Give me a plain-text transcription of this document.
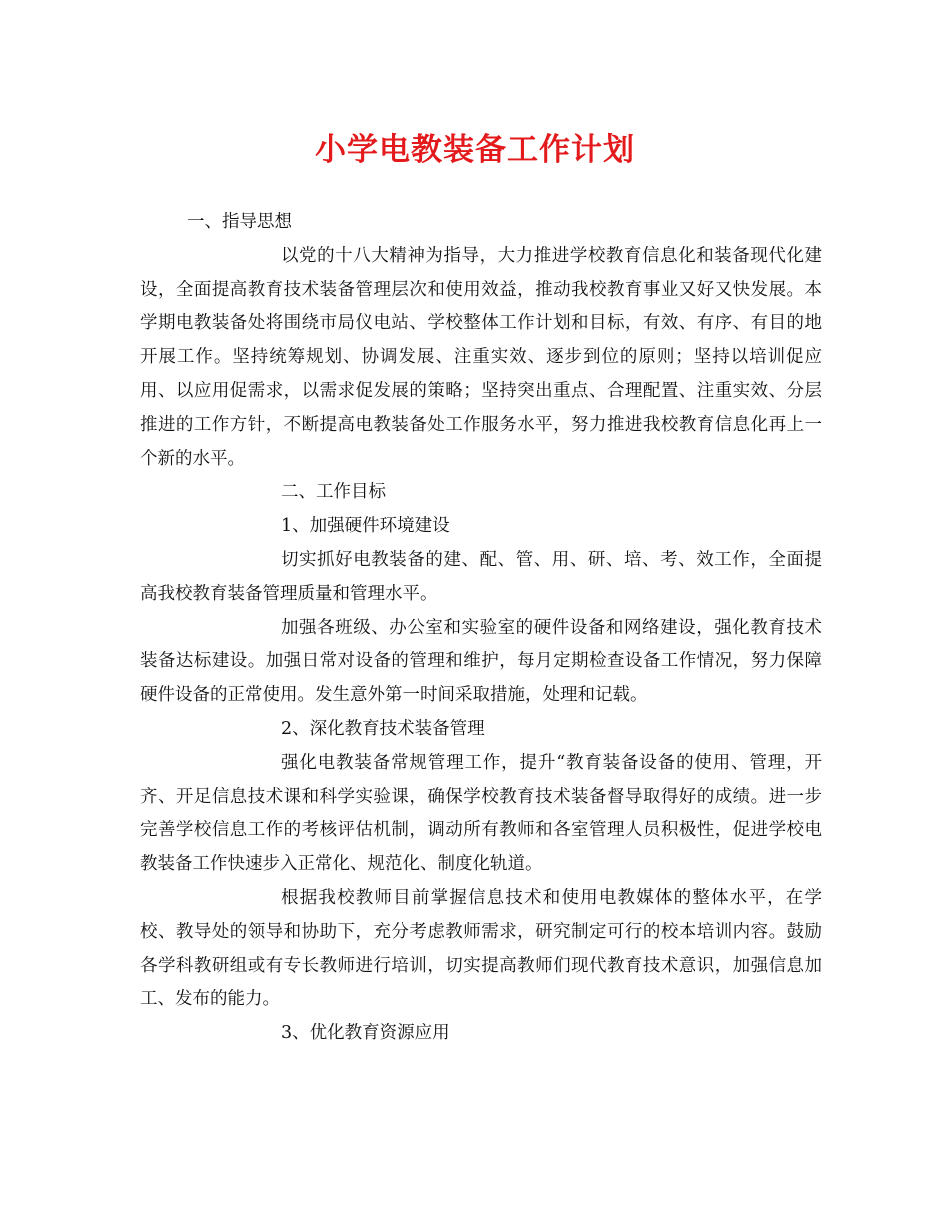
小学电教装备工作计划

一、指导思想

以党的十八大精神为指导，大力推进学校教育信息化和装备现代化建设，全面提高教育技术装备管理层次和使用效益，推动我校教育事业又好又快发展。本学期电教装备处将围绕市局仪电站、学校整体工作计划和目标，有效、有序、有目的地开展工作。坚持统筹规划、协调发展、注重实效、逐步到位的原则；坚持以培训促应用、以应用促需求，以需求促发展的策略；坚持突出重点、合理配置、注重实效、分层推进的工作方针，不断提高电教装备处工作服务水平，努力推进我校教育信息化再上一个新的水平。

二、工作目标

1、加强硬件环境建设

切实抓好电教装备的建、配、管、用、研、培、考、效工作，全面提高我校教育装备管理质量和管理水平。

加强各班级、办公室和实验室的硬件设备和网络建设，强化教育技术装备达标建设。加强日常对设备的管理和维护，每月定期检查设备工作情况，努力保障硬件设备的正常使用。发生意外第一时间采取措施，处理和记载。

2、深化教育技术装备管理

强化电教装备常规管理工作，提升“教育装备设备的使用、管理，开齐、开足信息技术课和科学实验课，确保学校教育技术装备督导取得好的成绩。进一步完善学校信息工作的考核评估机制，调动所有教师和各室管理人员积极性，促进学校电教装备工作快速步入正常化、规范化、制度化轨道。

根据我校教师目前掌握信息技术和使用电教媒体的整体水平，在学校、教导处的领导和协助下，充分考虑教师需求，研究制定可行的校本培训内容。鼓励各学科教研组或有专长教师进行培训，切实提高教师们现代教育技术意识，加强信息加工、发布的能力。

3、优化教育资源应用
